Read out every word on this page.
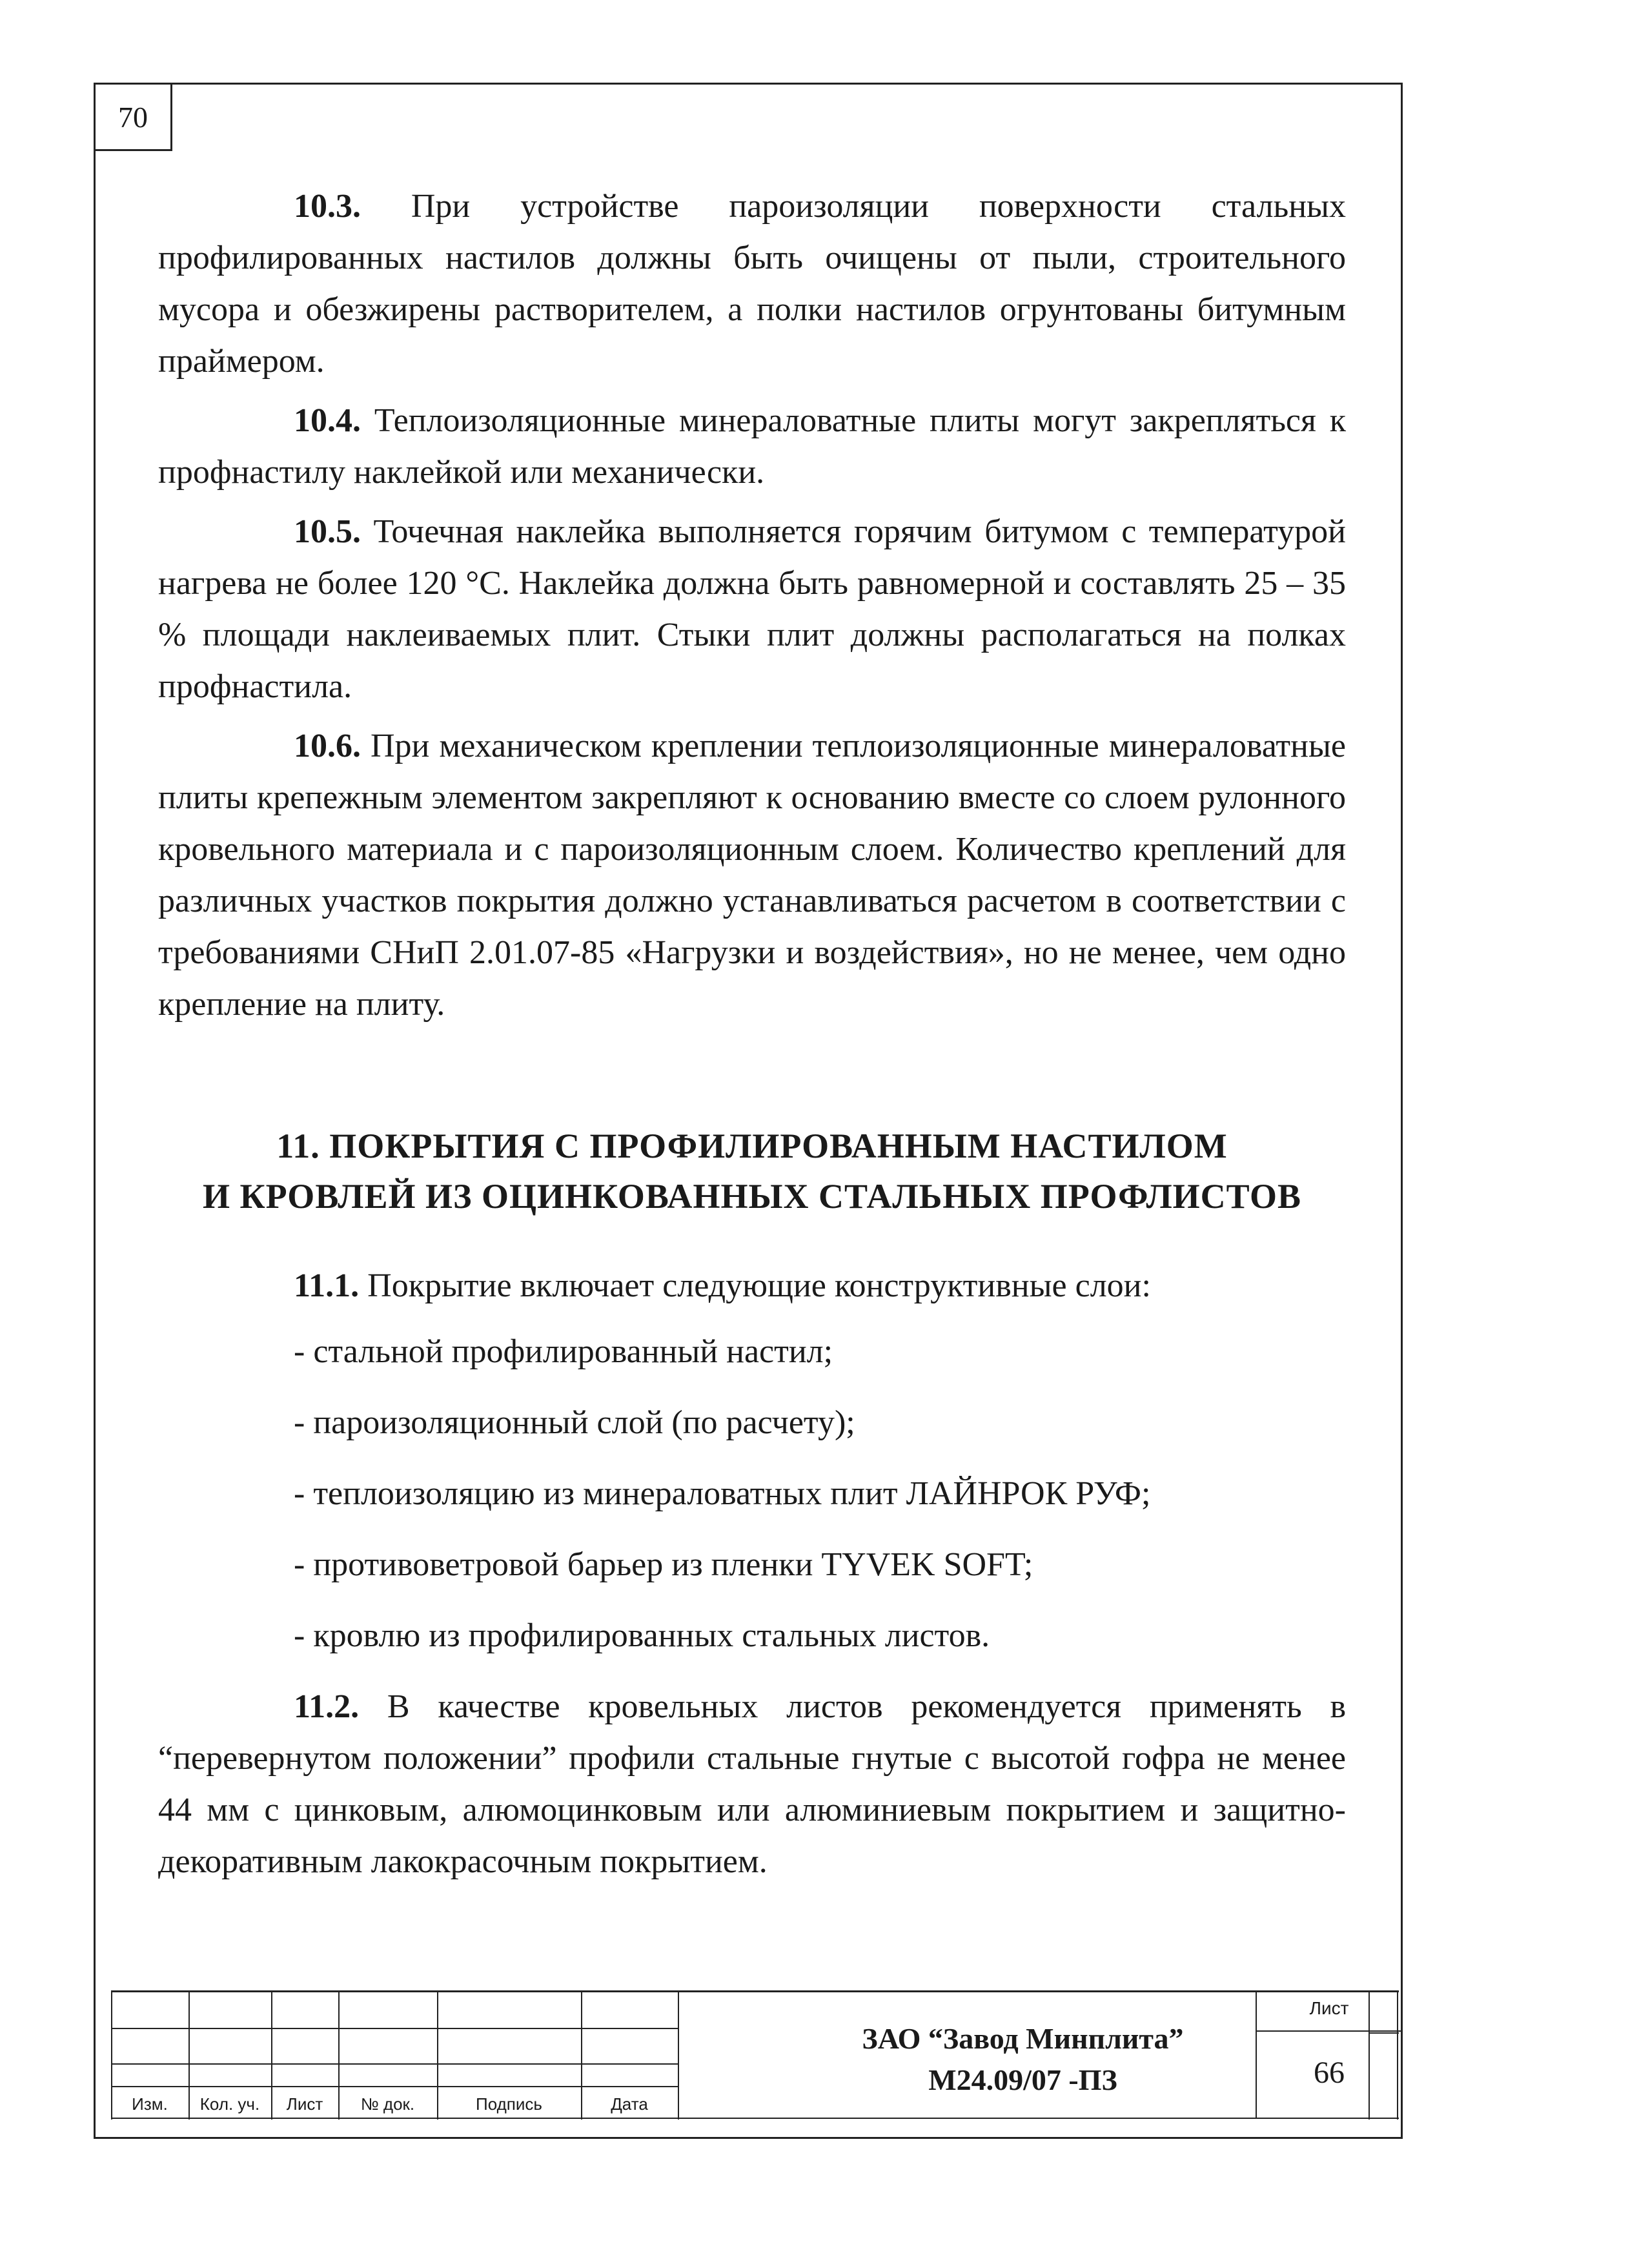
70

10.3. При устройстве пароизоляции поверхности стальных профилированных настилов должны быть очищены от пыли, строительного мусора и обезжирены растворителем, а полки настилов огрунтованы битумным праймером.

10.4. Теплоизоляционные минераловатные плиты могут закрепляться к профнастилу наклейкой или механически.

10.5. Точечная наклейка выполняется горячим битумом с температурой нагрева не более 120 °С. Наклейка должна быть равномерной и составлять 25 – 35 % площади наклеиваемых плит. Стыки плит должны располагаться на полках профнастила.

10.6. При механическом креплении теплоизоляционные минераловатные плиты крепежным элементом закрепляют к основанию вместе со слоем рулонного кровельного материала и с пароизоляционным слоем. Количество креплений для различных участков покрытия должно устанавливаться расчетом в соответствии с требованиями СНиП 2.01.07-85 «Нагрузки и воздействия», но не менее, чем одно крепление на плиту.

11. ПОКРЫТИЯ С ПРОФИЛИРОВАННЫМ НАСТИЛОМ
И КРОВЛЕЙ ИЗ ОЦИНКОВАННЫХ СТАЛЬНЫХ ПРОФЛИСТОВ

11.1. Покрытие включает следующие конструктивные слои:

- стальной профилированный настил;
- пароизоляционный слой (по расчету);
- теплоизоляцию из минераловатных плит ЛАЙНРОК РУФ;
- противоветровой барьер из пленки TYVEK SOFT;
- кровлю из профилированных стальных листов.

11.2. В качестве кровельных листов рекомендуется применять в “перевернутом положении” профили стальные гнутые с высотой гофра не менее 44 мм с цинковым, алюмоцинковым или алюминиевым покрытием и защитно-декоративным лакокрасочным покрытием.

Изм.	Кол. уч.	Лист	№ док.	Подпись	Дата
ЗАО “Завод Минплита”
М24.09/07 -ПЗ
Лист
66
